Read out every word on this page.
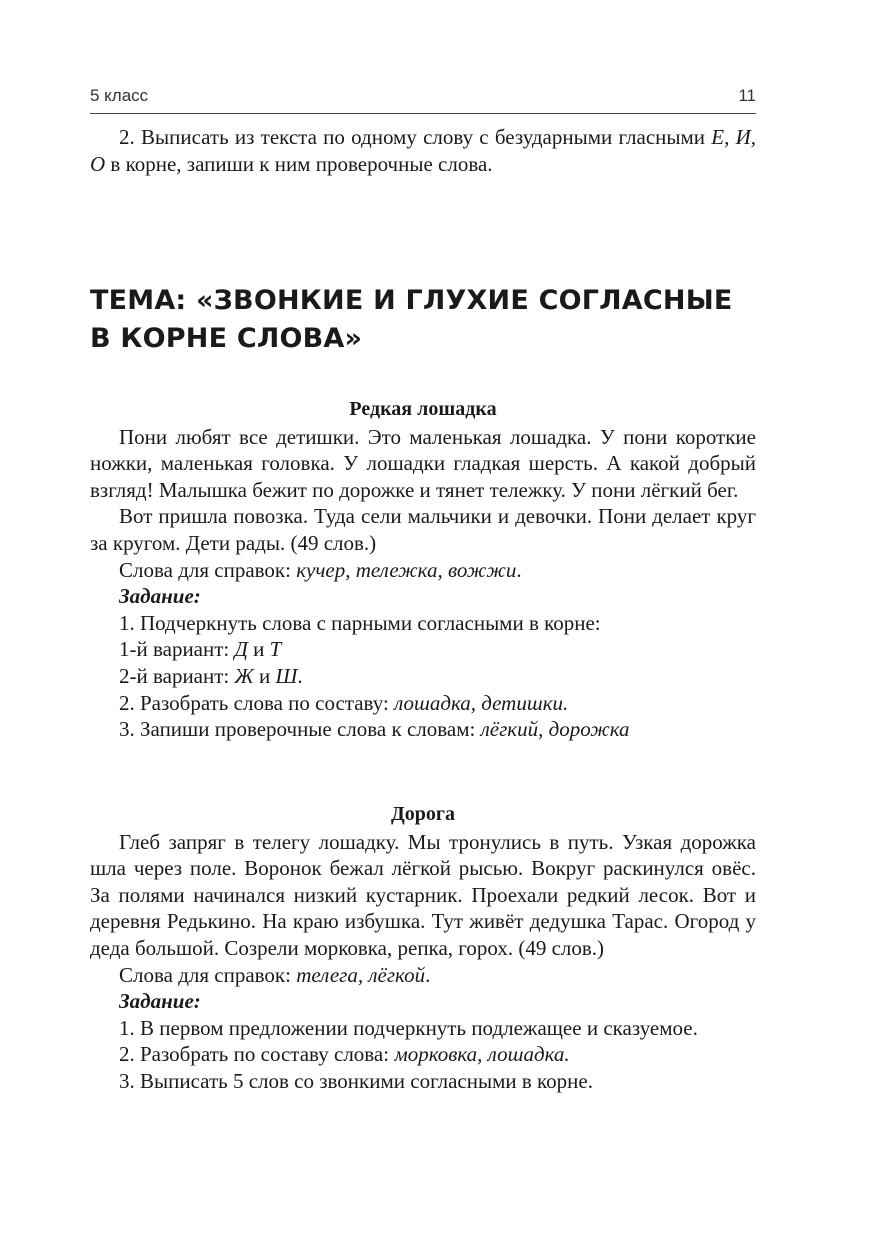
5 класс	11

2. Выписать из текста по одному слову с безударными гласными Е, И, О в корне, запиши к ним проверочные слова.

ТЕМА: «ЗВОНКИЕ И ГЛУХИЕ СОГЛАСНЫЕ
В КОРНЕ СЛОВА»

Редкая лошадка

Пони любят все детишки. Это маленькая лошадка. У пони короткие ножки, маленькая головка. У лошадки гладкая шерсть. А какой добрый взгляд! Малышка бежит по дорожке и тянет тележку. У пони лёгкий бег.

Вот пришла повозка. Туда сели мальчики и девочки. Пони делает круг за кругом. Дети рады. (49 слов.)

Слова для справок: кучер, тележка, вожжи.

Задание:

1. Подчеркнуть слова с парными согласными в корне:

1-й вариант: Д и Т

2-й вариант: Ж и Ш.

2. Разобрать слова по составу: лошадка, детишки.

3. Запиши проверочные слова к словам: лёгкий, дорожка

Дорога

Глеб запряг в телегу лошадку. Мы тронулись в путь. Узкая дорожка шла через поле. Воронок бежал лёгкой рысью. Вокруг раскинулся овёс. За полями начинался низкий кустарник. Проехали редкий лесок. Вот и деревня Редькино. На краю избушка. Тут живёт дедушка Тарас. Огород у деда большой. Созрели морковка, репка, горох. (49 слов.)

Слова для справок: телега, лёгкой.

Задание:

1. В первом предложении подчеркнуть подлежащее и сказуемое.

2. Разобрать по составу слова: морковка, лошадка.

3. Выписать 5 слов со звонкими согласными в корне.
